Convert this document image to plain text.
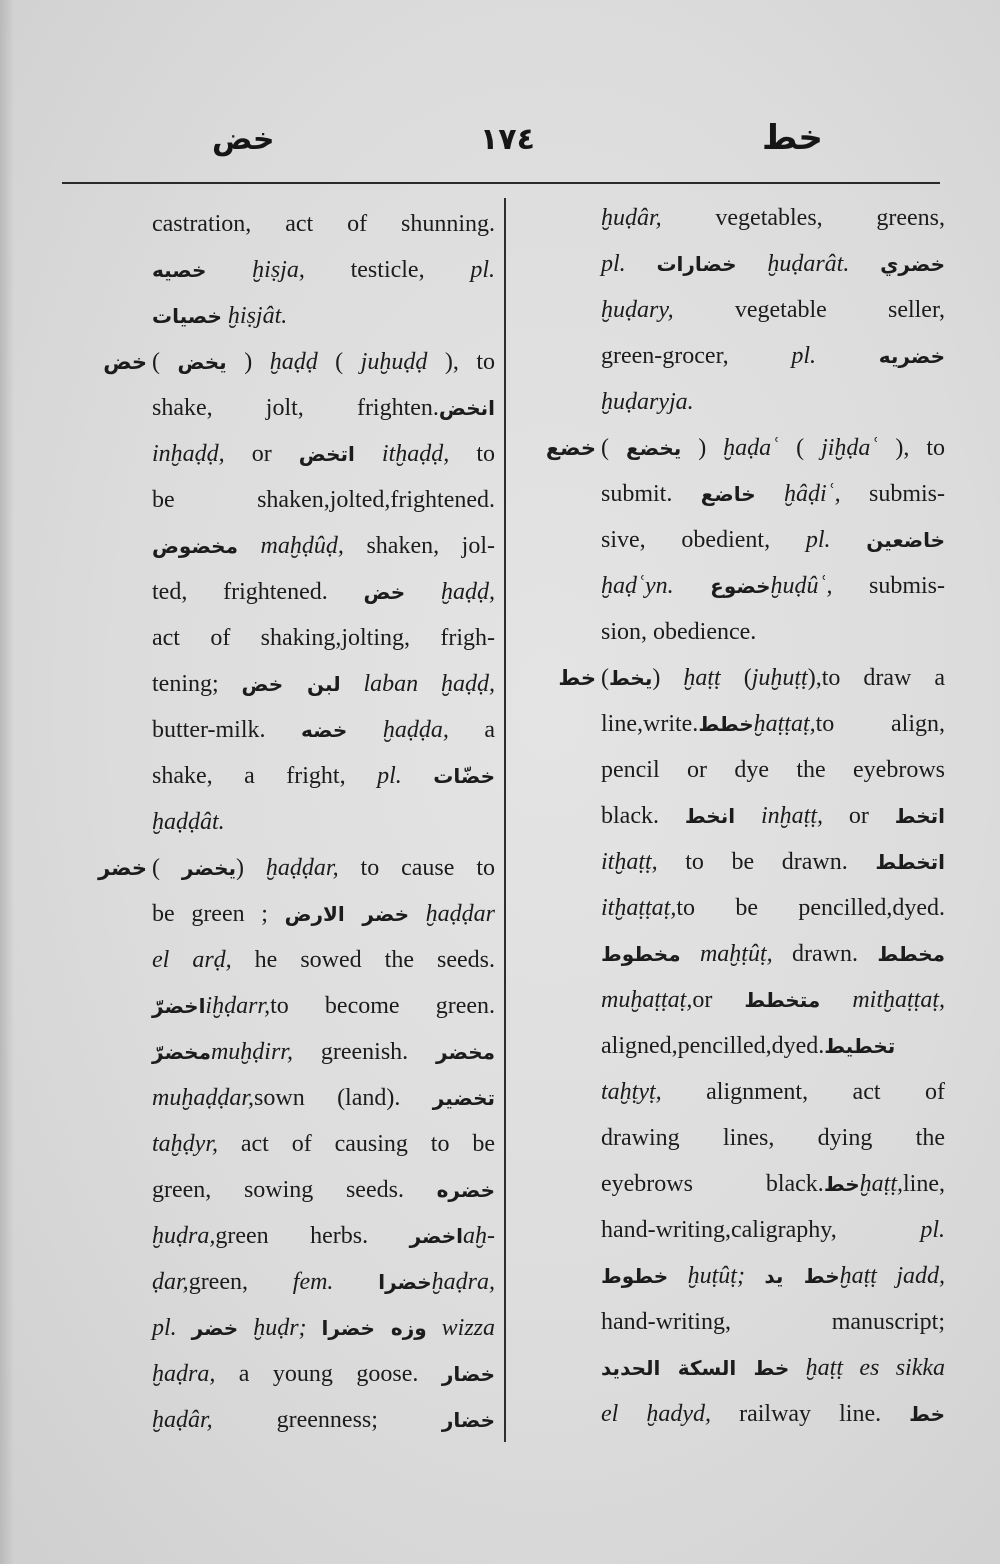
خط
١٧٤
خض
castration, act of shunning.
خصيه ḫiṣja, testicle, pl.
خصيات ḫiṣjât.
خض ( يخض ) ḫaḍḍ ( juḫuḍḍ ), to
shake, jolt, frighten.انخض
inḫaḍḍ, or اتخض itḫaḍḍ, to
be shaken,jolted,frightened.
مخضوض maḫḍûḍ, shaken, jol-
ted, frightened. خض ḫaḍḍ,
act of shaking,jolting, frigh-
tening; لبن خض laban ḫaḍḍ,
butter-milk. خضه ḫaḍḍa, a
shake, a fright, pl. خضّات
ḫaḍḍât.
خضر ( يخضر) ḫaḍḍar, to cause to
be green ; خضر الارض ḫaḍḍar
el arḍ, he sowed the seeds.
اخضرّiḫḍarr,to become green.
مخضرّmuḫḍirr, greenish. مخضر
muḫaḍḍar,sown (land). تخضير
taḫḍyr, act of causing to be
green, sowing seeds. خضره
ḫuḍra,green herbs. اخضرaḫ-
ḍar,green, fem. خضراḫaḍra,
pl. خضر ḫuḍr; وزه خضرا wizza
ḫaḍra, a young goose. خضار
ḫaḍâr, greenness; خضار
ḫuḍâr, vegetables, greens,
pl. خضارات ḫuḍarât. خضري
ḫuḍary, vegetable seller,
green-grocer, pl.	خضريه
ḫuḍaryja.
خضع ( يخضع ) ḫaḍaʿ ( jiḫḍaʿ ), to
submit. خاضع ḫâḍiʿ, submis-
sive, obedient, pl. خاضعين
ḫaḍʿyn. خضوعḫuḍûʿ, submis-
sion, obedience.
خط (يخط) ḫaṭṭ (juḫuṭṭ),to draw a
line,write.خططḫaṭṭaṭ,to align,
pencil or dye the eyebrows
black. انخط inḫaṭṭ, or اتخط
itḫaṭṭ, to be drawn. اتخطط
itḫaṭṭaṭ,to be pencilled,dyed.
مخطوط maḫṭûṭ, drawn. مخطط
muḫaṭṭaṭ,or متخطط mitḫaṭṭaṭ,
aligned,pencilled,dyed.تخطيط
taḫṭyṭ, alignment, act of
drawing lines, dying the
eyebrows black.خطḫaṭṭ,line,
hand-writing,caligraphy, pl.
خطوط ḫuṭûṭ; خط يدḫaṭṭ jadd,
hand-writing, manuscript;
خط السكة الحديد ḫaṭṭ es sikka
el ḫadyd, railway line. خط
